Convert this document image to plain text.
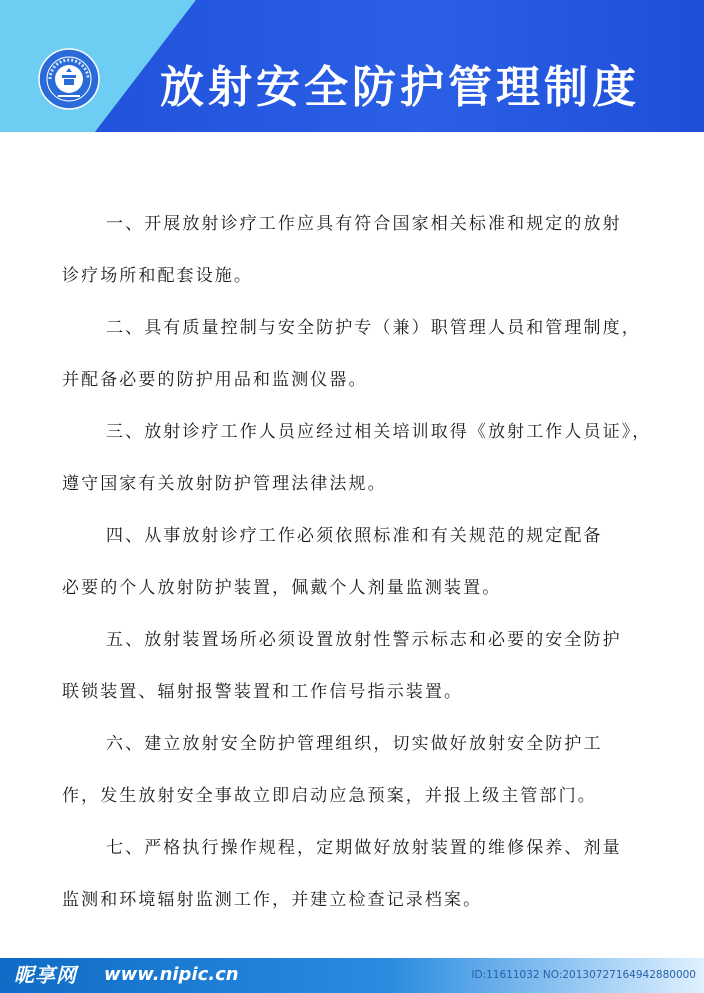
放射安全防护管理制度
一、开展放射诊疗工作应具有符合国家相关标准和规定的放射
诊疗场所和配套设施。
二、具有质量控制与安全防护专（兼）职管理人员和管理制度，
并配备必要的防护用品和监测仪器。
三、放射诊疗工作人员应经过相关培训取得《放射工作人员证》，
遵守国家有关放射防护管理法律法规。
四、从事放射诊疗工作必须依照标准和有关规范的规定配备
必要的个人放射防护装置，佩戴个人剂量监测装置。
五、放射装置场所必须设置放射性警示标志和必要的安全防护
联锁装置、辐射报警装置和工作信号指示装置。
六、建立放射安全防护管理组织，切实做好放射安全防护工
作，发生放射安全事故立即启动应急预案，并报上级主管部门。
七、严格执行操作规程，定期做好放射装置的维修保养、剂量
监测和环境辐射监测工作，并建立检查记录档案。
昵享网 www.nipic.cn	ID:11611032 NO:20130727164942880000
